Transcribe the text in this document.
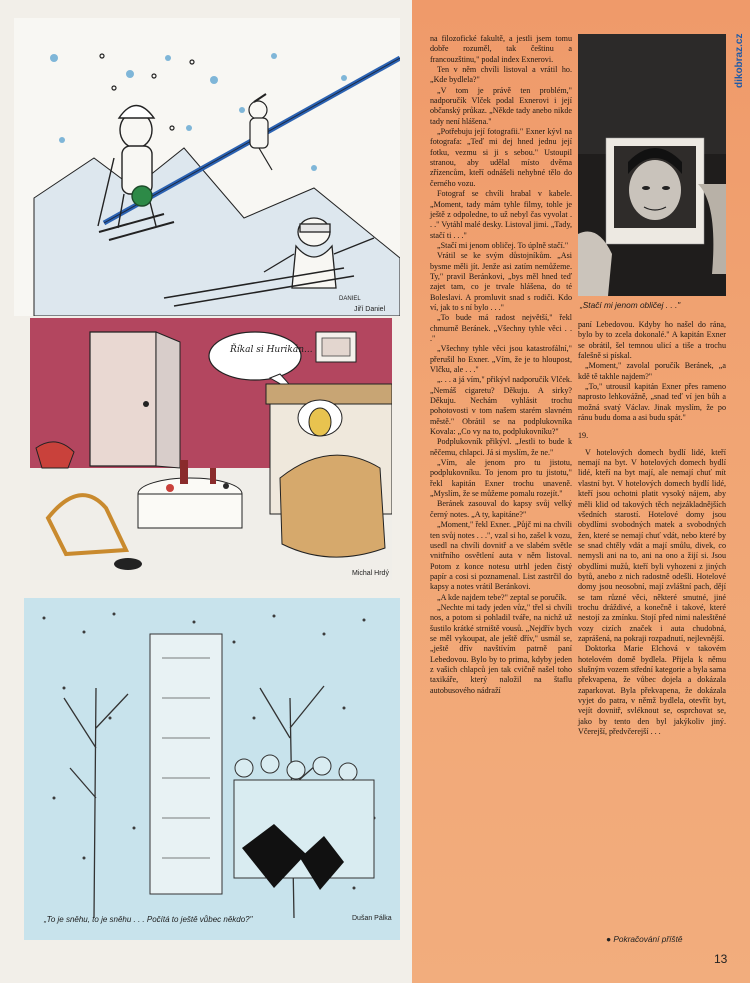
DANIEL
Jiří Daniel
Říkal si Hurikán...
Michal Hrdý
Dušan Pálka
„To je sněhu, to je sněhu . . . Počítá to ještě vůbec někdo?"
dikobraz.cz

na filozofické fakultě, a jestli jsem tomu dobře rozuměl, tak češtinu a francouzštinu," podal index Exnerovi.

Ten v něm chvíli listoval a vrátil ho. „Kde bydlela?"

„V tom je právě ten problém," nadporučík Vlček podal Exnerovi i její občanský průkaz. „Někde tady anebo nikde tady není hlášena."

„Potřebuju její fotografii." Exner kývl na fotografa: „Teď mi dej hned jednu její fotku, vezmu si ji s sebou." Ustoupil stranou, aby udělal místo dvěma zřízencům, kteří odnášeli nehybné tělo do černého vozu.

Fotograf se chvíli hrabal v kabele. „Moment, tady mám tyhle filmy, tohle je ještě z odpoledne, to už nebyl čas vyvolat . . ." Vytáhl malé desky. Listoval jimi. „Tady, stačí ti . . ."

„Stačí mi jenom obličej. To úplně stačí."

Vrátil se ke svým důstojníkům. „Asi bysme měli jít. Jenže asi zatím nemůžeme. Ty," pravil Beránkovi, „bys měl hned teď zajet tam, co je trvale hlášena, do té Boleslavi. A promluvit snad s rodiči. Kdo ví, jak to s ní bylo . . ."

„To bude má radost největší," řekl chmurně Beránek. „Všechny tyhle věci . . ."

„Všechny tyhle věci jsou katastrofální," přerušil ho Exner. „Vím, že je to hloupost, Vlčku, ale . . ."

„. . . a já vím," přikývl nadporučík Vlček. „Nemáš cigaretu? Děkuju. A sirky? Děkuju. Nechám vyhlásit trochu pohotovosti v tom našem starém slavném městě." Obrátil se na podplukovníka Kovala: „Co vy na to, podplukovníku?"

Podplukovník přikývl. „Jestli to bude k něčemu, chlapci. Já si myslím, že ne."

„Vím, ale jenom pro tu jistotu, podplukovníku. To jenom pro tu jistotu," řekl kapitán Exner trochu unaveně. „Myslím, že se můžeme pomalu rozejít."

Beránek zasouval do kapsy svůj velký černý notes. „A ty, kapitáne?"

„Moment," řekl Exner. „Půjč mi na chvíli ten svůj notes . . .", vzal si ho, zašel k vozu, usedl na chvíli dovnitř a ve slabém světle vnitřního osvětlení auta v něm listoval. Potom z konce notesu utrhl jeden čistý papír a cosi si poznamenal. List zastrčil do kapsy a notes vrátil Beránkovi.

„A kde najdem tebe?" zeptal se poručík.

„Nechte mi tady jeden vůz," třel si chvíli nos, a potom si pohladil tváře, na nichž už šustilo krátké strniště vousů. „Nejdřív bych se měl vykoupat, ale ještě dřív," usmál se, „ještě dřív navštívím patrně paní Lebedovou. Bylo by to prima, kdyby jeden z vašich chlapců jen tak cvičně našel toho taxikáře, který naložil na štaflu autobusového nádraží

„Stačí mi jenom obličej . . ."

paní Lebedovou. Kdyby ho našel do rána, bylo by to zcela dokonalé." A kapitán Exner se obrátil, šel temnou ulicí a tiše a trochu falešně si pískal.

„Moment," zavolal poručík Beránek, „a kdě tě takhle najdem?"

„To," utrousil kapitán Exner přes rameno naprosto lehkovážně, „snad teď ví jen bůh a možná svatý Václav. Jinak myslím, že po ránu budu doma a asi budu spát."

19.

V hotelových domech bydlí lidé, kteří nemají na byt. V hotelových domech bydlí lidé, kteří na byt mají, ale nemají chuť mít vlastní byt. V hotelových domech bydlí lidé, kteří jsou ochotni platit vysoký nájem, aby měli klid od takových těch nejzákladnějších všedních starostí. Hotelové domy jsou obydlími svobodných matek a svobodných žen, které se nemají chuť vdát, nebo které by se snad chtěly vdát a mají smůlu, divek, co nemysli ani na to, ani na ono a žijí si. Jsou obydlími mužů, kteří byli vyhozeni z jiných bytů, anebo z nich radostně odešli. Hotelové domy jsou neosobní, mají zvláštní pach, dějí se tam různé věci, některé smutné, jiné trochu dráždivé, a konečně i takové, které nestojí za zmínku. Stojí před nimi nalesštěné vozy cizích značek i auta chudobná, zaprášená, na pokraji rozpadnutí, nejlevnější.

Doktorka Marie Elchová v takovém hotelovém domě bydlela. Přijela k němu slušným vozem střední kategorie a byla sama překvapena, že vůbec dojela a dokázala zaparkovat. Byla překvapena, že dokázala vyjet do patra, v němž bydlela, otevřít byt, vejít dovnitř, svléknout se, osprchovat se, jako by tento den byl jakýkoliv jiný. Včerejší, předvčerejší . . .

● Pokračování příště
13
